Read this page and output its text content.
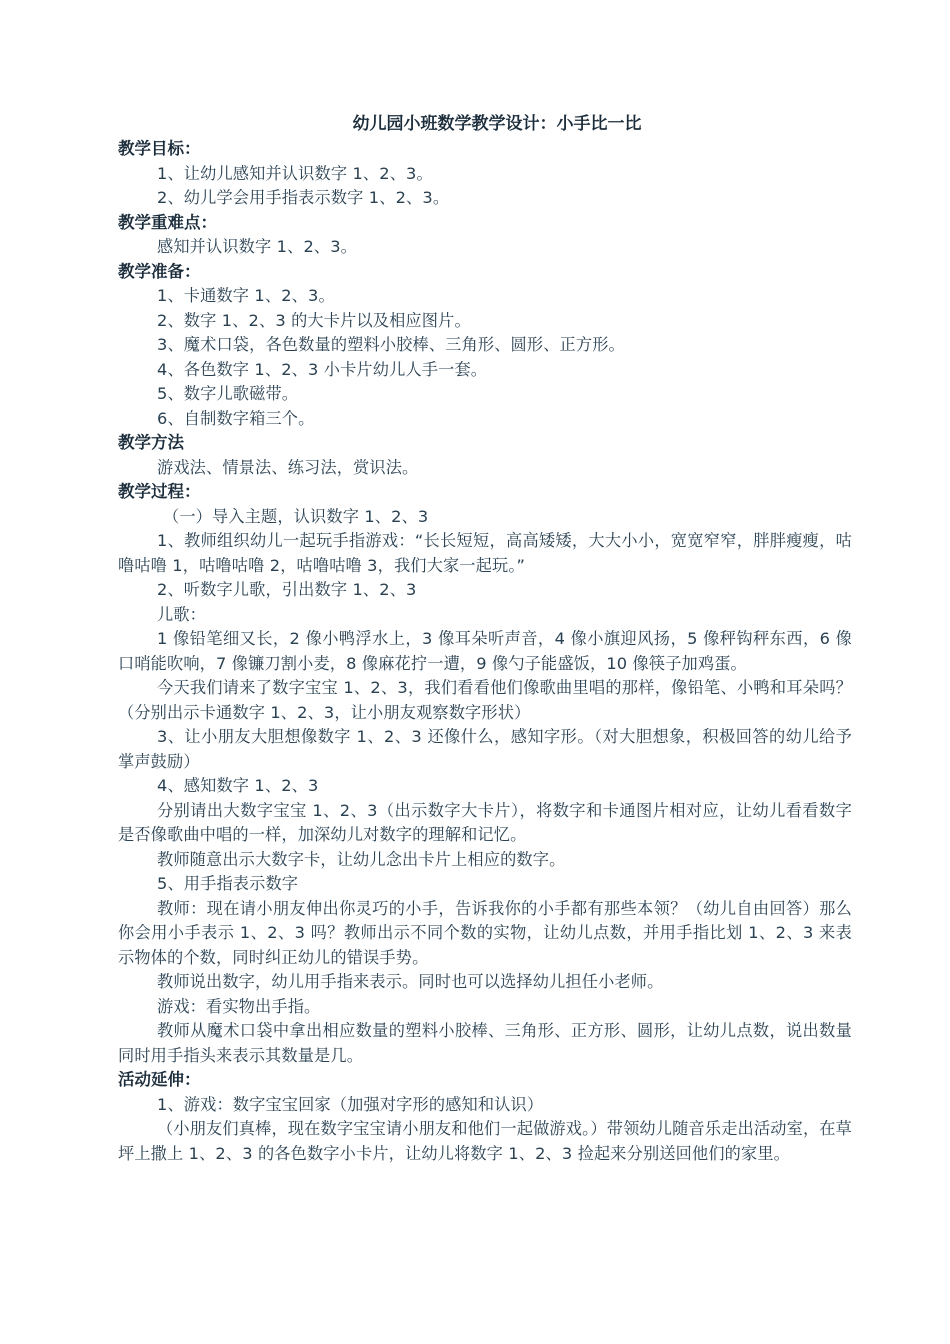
幼儿园小班数学教学设计：小手比一比
教学目标：

1、让幼儿感知并认识数字 1、2、3。

2、幼儿学会用手指表示数字 1、2、3。

教学重难点：

感知并认识数字 1、2、3。

教学准备：

1、卡通数字 1、2、3。

2、数字 1、2、3 的大卡片以及相应图片。

3、魔术口袋，各色数量的塑料小胶棒、三角形、圆形、正方形。

4、各色数字 1、2、3 小卡片幼儿人手一套。

5、数字儿歌磁带。

6、自制数字箱三个。

教学方法

游戏法、情景法、练习法，赏识法。

教学过程：

（一）导入主题，认识数字 1、2、3

1、教师组织幼儿一起玩手指游戏：“长长短短，高高矮矮，大大小小，宽宽窄窄，胖胖瘦瘦，咕噜咕噜 1，咕噜咕噜 2，咕噜咕噜 3，我们大家一起玩。”

2、听数字儿歌，引出数字 1、2、3

儿歌：

1 像铅笔细又长，2 像小鸭浮水上，3 像耳朵听声音，4 像小旗迎风扬，5 像秤钩秤东西，6 像口哨能吹响，7 像镰刀割小麦，8 像麻花拧一遭，9 像勺子能盛饭，10 像筷子加鸡蛋。

今天我们请来了数字宝宝 1、2、3，我们看看他们像歌曲里唱的那样，像铅笔、小鸭和耳朵吗？（分别出示卡通数字 1、2、3，让小朋友观察数字形状）

3、让小朋友大胆想像数字 1、2、3 还像什么，感知字形。（对大胆想象，积极回答的幼儿给予掌声鼓励）

4、感知数字 1、2、3

分别请出大数字宝宝 1、2、3（出示数字大卡片），将数字和卡通图片相对应，让幼儿看看数字是否像歌曲中唱的一样，加深幼儿对数字的理解和记忆。

教师随意出示大数字卡，让幼儿念出卡片上相应的数字。

5、用手指表示数字

教师：现在请小朋友伸出你灵巧的小手，告诉我你的小手都有那些本领？（幼儿自由回答）那么你会用小手表示 1、2、3 吗？教师出示不同个数的实物，让幼儿点数，并用手指比划 1、2、3 来表示物体的个数，同时纠正幼儿的错误手势。

教师说出数字，幼儿用手指来表示。同时也可以选择幼儿担任小老师。

游戏：看实物出手指。

教师从魔术口袋中拿出相应数量的塑料小胶棒、三角形、正方形、圆形，让幼儿点数，说出数量同时用手指头来表示其数量是几。

活动延伸：

1、游戏：数字宝宝回家（加强对字形的感知和认识）

（小朋友们真棒，现在数字宝宝请小朋友和他们一起做游戏。）带领幼儿随音乐走出活动室，在草坪上撒上 1、2、3 的各色数字小卡片，让幼儿将数字 1、2、3 捡起来分别送回他们的家里。
